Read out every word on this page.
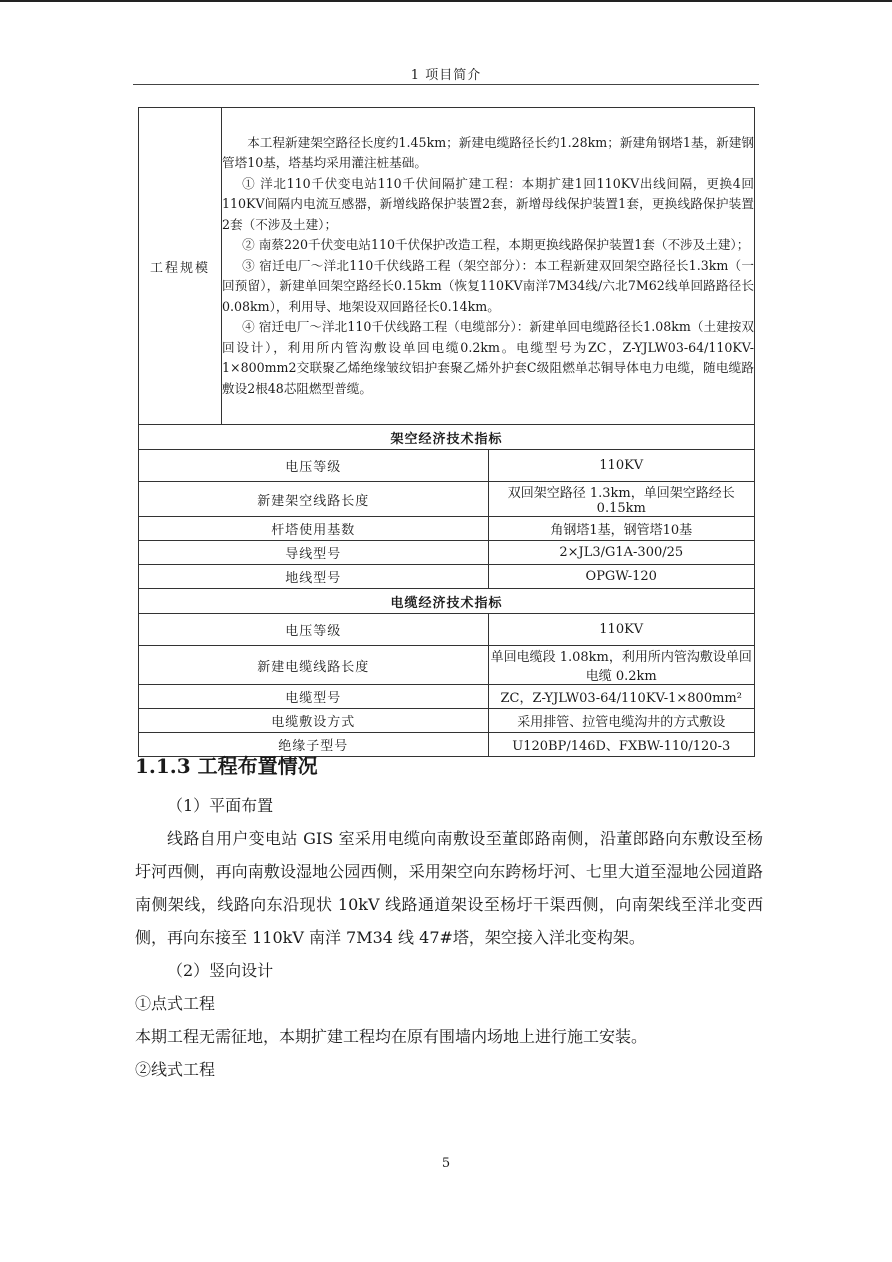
1 项目简介
工程规模	本工程新建架空路径长度约1.45km；新建电缆路径长约1.28km；新建角钢塔1基，新建钢管塔10基，塔基均采用灌注桩基础。

① 洋北110千伏变电站110千伏间隔扩建工程：本期扩建1回110KV出线间隔，更换4回110KV间隔内电流互感器，新增线路保护装置2套，新增母线保护装置1套，更换线路保护装置2套（不涉及土建）；

② 南蔡220千伏变电站110千伏保护改造工程，本期更换线路保护装置1套（不涉及土建）；

③ 宿迁电厂～洋北110千伏线路工程（架空部分）：本工程新建双回架空路径长1.3km（一回预留），新建单回架空路经长0.15km（恢复110KV南洋7M34线/六北7M62线单回路路径长0.08km），利用导、地架设双回路径长0.14km。

④ 宿迁电厂～洋北110千伏线路工程（电缆部分）：新建单回电缆路径长1.08km（土建按双回设计），利用所内管沟敷设单回电缆0.2km。电缆型号为ZC，Z-YJLW03-64/110KV-1×800mm2交联聚乙烯绝缘皱纹铝护套聚乙烯外护套C级阻燃单芯铜导体电力电缆，随电缆路敷设2根48芯阻燃型普缆。	

架空经济技术指标		
电压等级		110KV
新建架空线路长度		双回架空路径 1.3km，单回架空路经长 0.15km
杆塔使用基数		角钢塔1基，钢管塔10基
导线型号		2×JL3/G1A-300/25
地线型号		OPGW-120
电缆经济技术指标		
电压等级		110KV
新建电缆线路长度		单回电缆段 1.08km，利用所内管沟敷设单回电缆 0.2km
电缆型号		ZC，Z-YJLW03-64/110KV-1×800mm²
电缆敷设方式		采用排管、拉管电缆沟井的方式敷设
绝缘子型号		U120BP/146D、FXBW-110/120-3
1.1.3 工程布置情况

（1）平面布置

线路自用户变电站 GIS 室采用电缆向南敷设至董郎路南侧，沿董郎路向东敷设至杨圩河西侧，再向南敷设湿地公园西侧，采用架空向东跨杨圩河、七里大道至湿地公园道路南侧架线，线路向东沿现状 10kV 线路通道架设至杨圩干渠西侧，向南架线至洋北变西侧，再向东接至 110kV 南洋 7M34 线 47#塔，架空接入洋北变构架。

（2）竖向设计

①点式工程

本期工程无需征地，本期扩建工程均在原有围墙内场地上进行施工安装。

②线式工程

5
